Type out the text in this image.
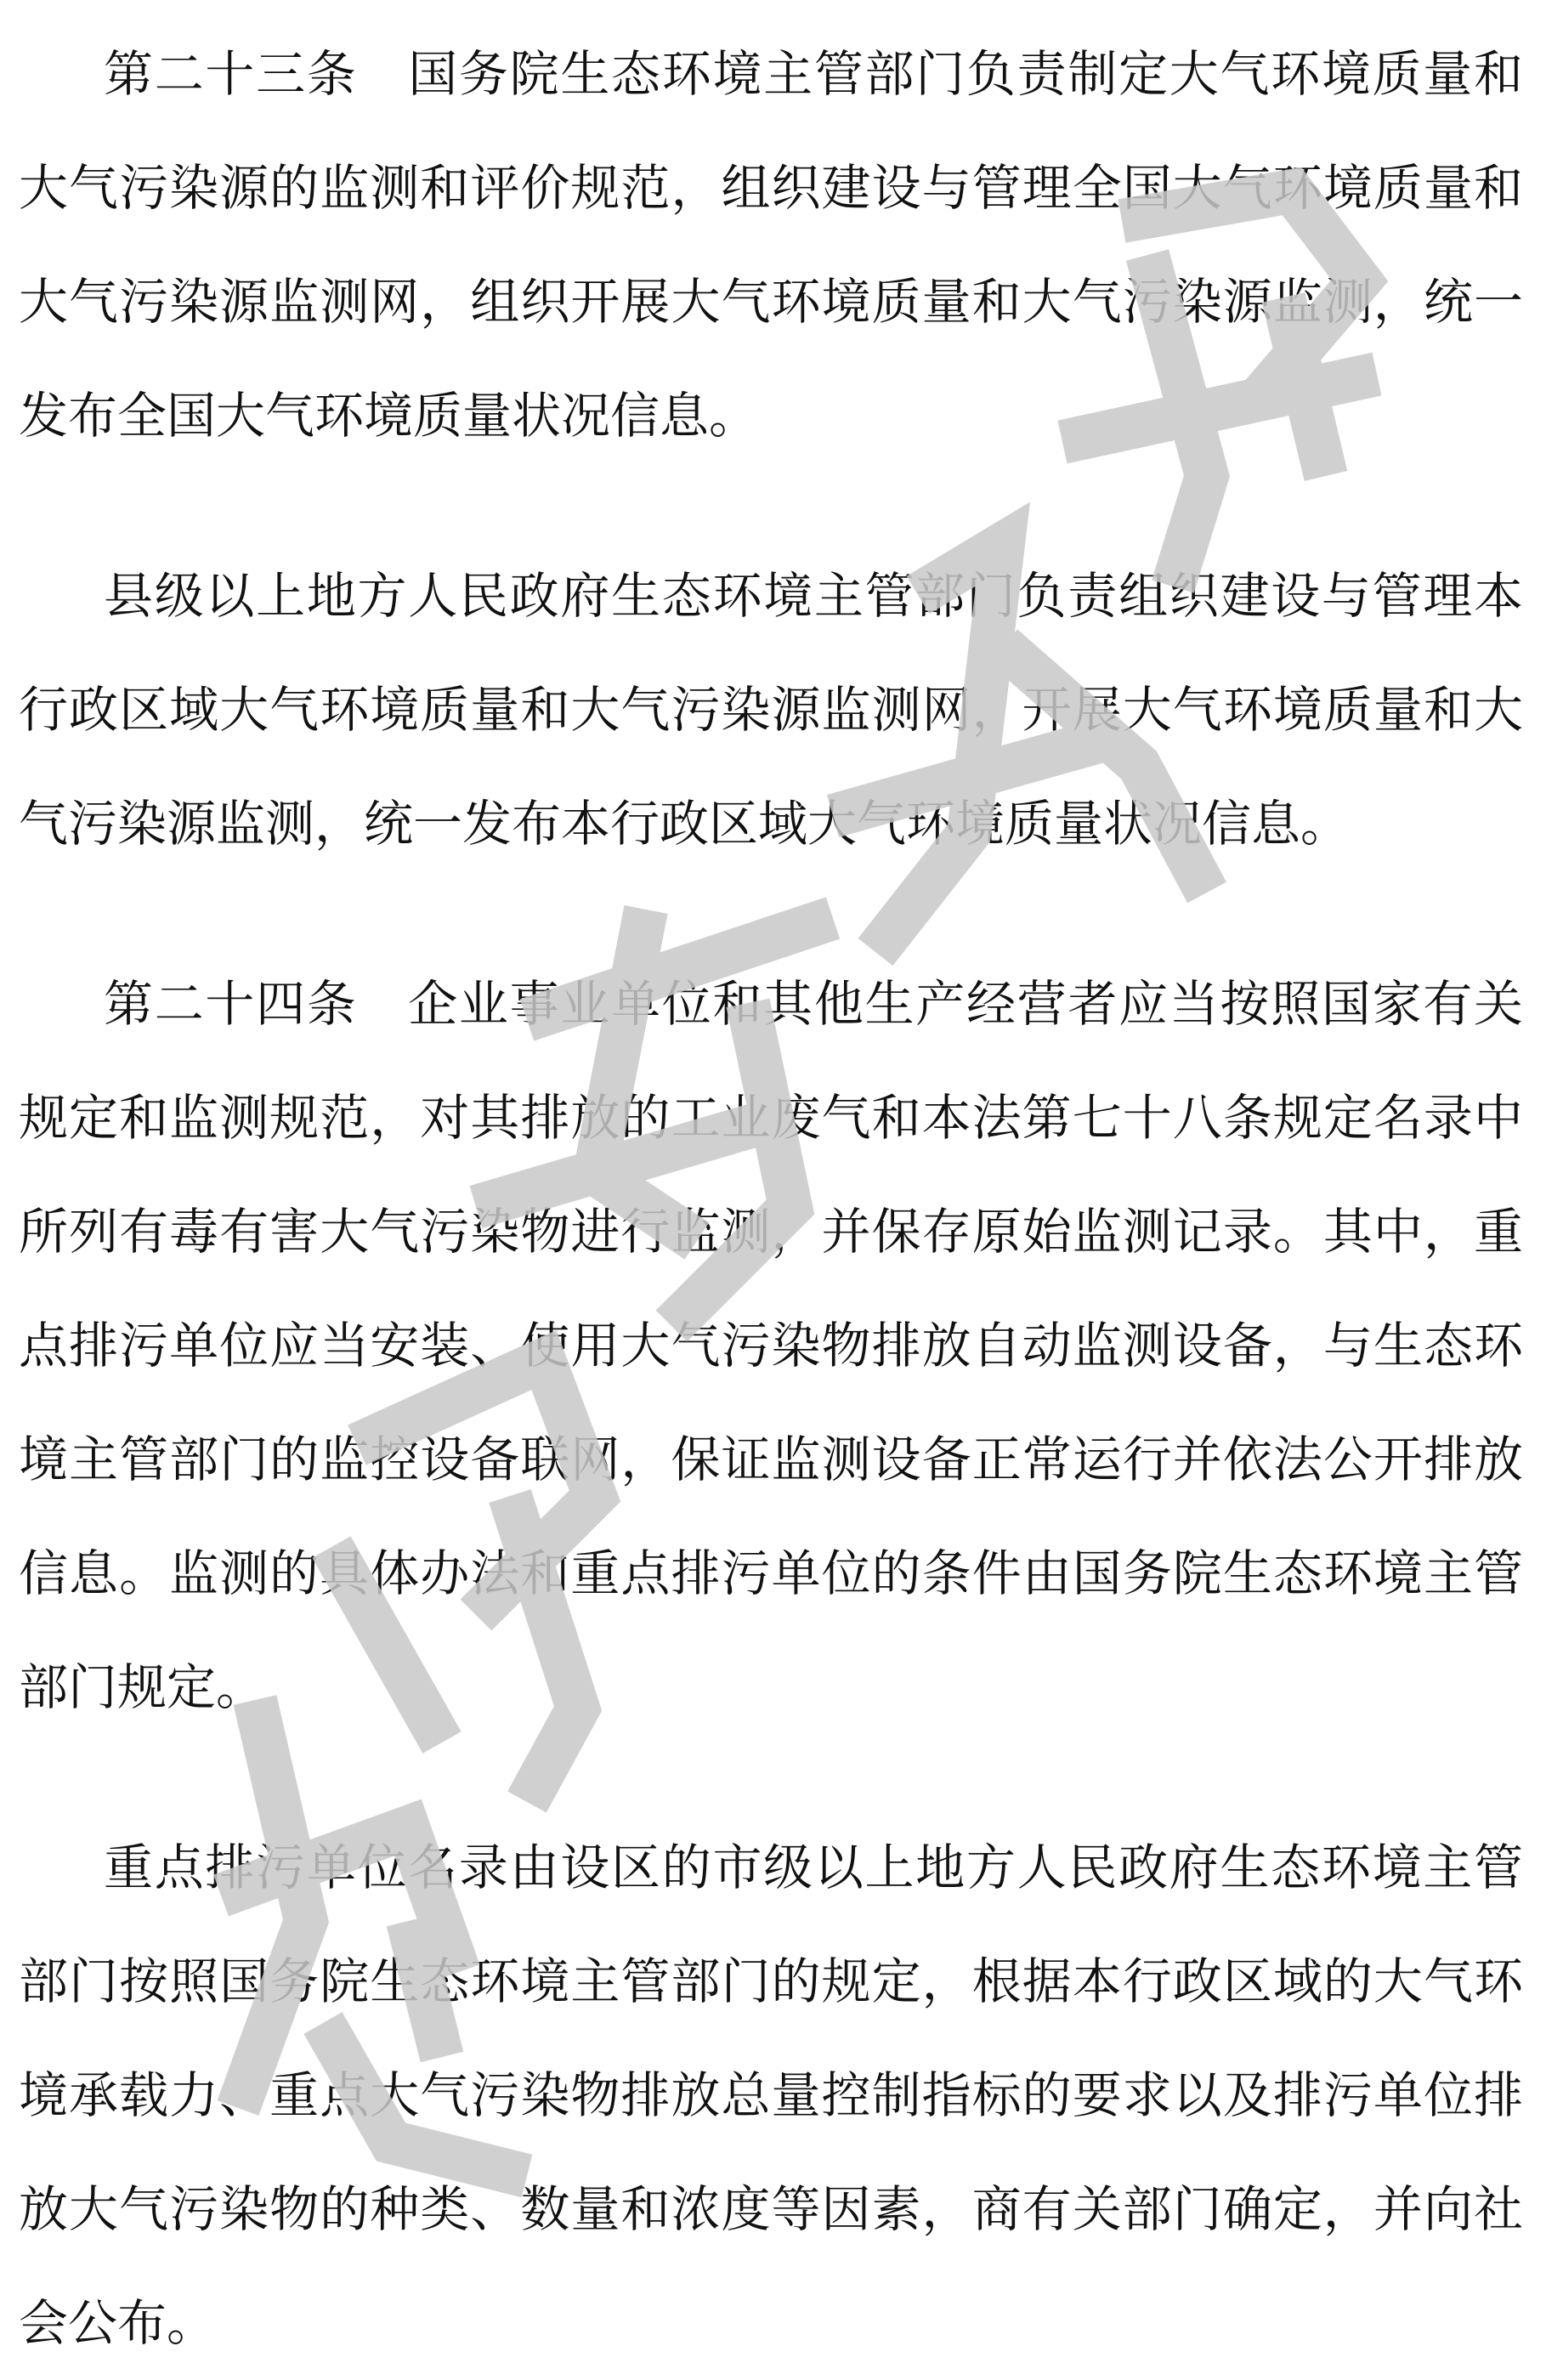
第二十三条　国务院生态环境主管部门负责制定大气环境质量和大气污染源的监测和评价规范，组织建设与管理全国大气环境质量和大气污染源监测网，组织开展大气环境质量和大气污染源监测，统一发布全国大气环境质量状况信息。

县级以上地方人民政府生态环境主管部门负责组织建设与管理本行政区域大气环境质量和大气污染源监测网，开展大气环境质量和大气污染源监测，统一发布本行政区域大气环境质量状况信息。

第二十四条　企业事业单位和其他生产经营者应当按照国家有关规定和监测规范，对其排放的工业废气和本法第七十八条规定名录中所列有毒有害大气污染物进行监测，并保存原始监测记录。其中，重点排污单位应当安装、使用大气污染物排放自动监测设备，与生态环境主管部门的监控设备联网，保证监测设备正常运行并依法公开排放信息。监测的具体办法和重点排污单位的条件由国务院生态环境主管部门规定。

重点排污单位名录由设区的市级以上地方人民政府生态环境主管部门按照国务院生态环境主管部门的规定，根据本行政区域的大气环境承载力、重点大气污染物排放总量控制指标的要求以及排污单位排放大气污染物的种类、数量和浓度等因素，商有关部门确定，并向社会公布。
